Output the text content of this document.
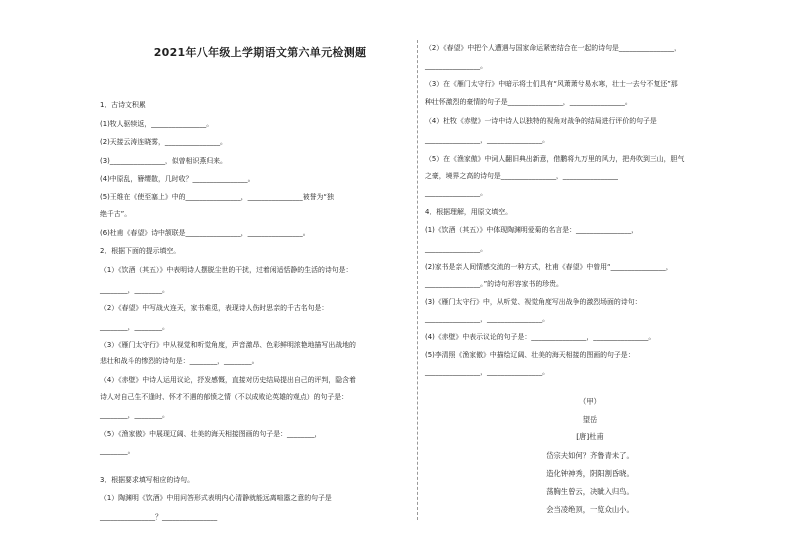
2021年八年级上学期语文第六单元检测题
1．古诗文积累
(1)牧人驱犊返，________________。
(2)天接云涛连晓雾，________________。
(3)________________，似曾相识燕归来。
(4)中原乱，簪缨散，几时收？________________。
(5)王维在《使至塞上》中的________________，________________被誉为“独
绝千古”。
(6)杜甫《春望》诗中颔联是________________，________________。
2．根据下面的提示填空。
（1）《饮酒（其五）》中表明诗人摆脱尘世的干扰，过着闲适恬静的生活的诗句是：
________，________。
（2）《春望》中写战火连天，家书难觅，表现诗人伤时思亲的千古名句是：
________，________。
（3）《雁门太守行》中从视觉和听觉角度，声音激昂、色彩鲜明浓艳地描写出战地的
悲壮和战斗的惨烈的诗句是：________，________。
（4）《赤壁》中诗人运用议论，抒发感慨，直接对历史结局提出自己的评判，隐含着
诗人对自己生不逢时、怀才不遇的郁愤之情（不以成败论英雄的观点）的句子是：
________，________。
（5）《渔家傲》中展现辽阔、壮美的海天相接图画的句子是：________，
________。
3．根据要求填写相应的诗句。
（1）陶渊明《饮酒》中用问答形式表明内心清静就能远离喧嚣之意的句子是
________________？________________
（2）《春望》中把个人遭遇与国家命运紧密结合在一起的诗句是________________，
________________。
（3）在《雁门太守行》中暗示将士们具有“风萧萧兮易水寒，壮士一去兮不复还”那
种壮怀激烈的豪情的句子是________________，________________。
（4）杜牧《赤壁》一诗中诗人以独特的视角对战争的结局进行评价的句子是
________________，________________。
（5）在《渔家傲》中词人翻旧典出新意，借鹏将九万里的风力，把舟吹到三山，胆气
之豪，境界之高的诗句是________________，________________
________________。
4．根据理解，用原文填空。
(1)《饮酒（其五）》中体现陶渊明爱菊的名言是：________________，
________________。
(2)家书是亲人间情感交流的一种方式，杜甫《春望》中曾用“________________，
________________。”的诗句形容家书的珍贵。
(3)《雁门太守行》中，从听觉、视觉角度写出战争的激烈场面的诗句：
________________，________________。
(4)《赤壁》中表示议论的句子是：________________，________________。
(5)李清照《渔家傲》中描绘辽阔、壮美的海天相接的图画的句子是：
________________，________________。
（甲）
望岳
[唐]杜甫
岱宗夫如何？齐鲁青未了。
造化钟神秀，阴阳割昏晓。
荡胸生曾云，决眦入归鸟。
会当凌绝顶，一览众山小。
